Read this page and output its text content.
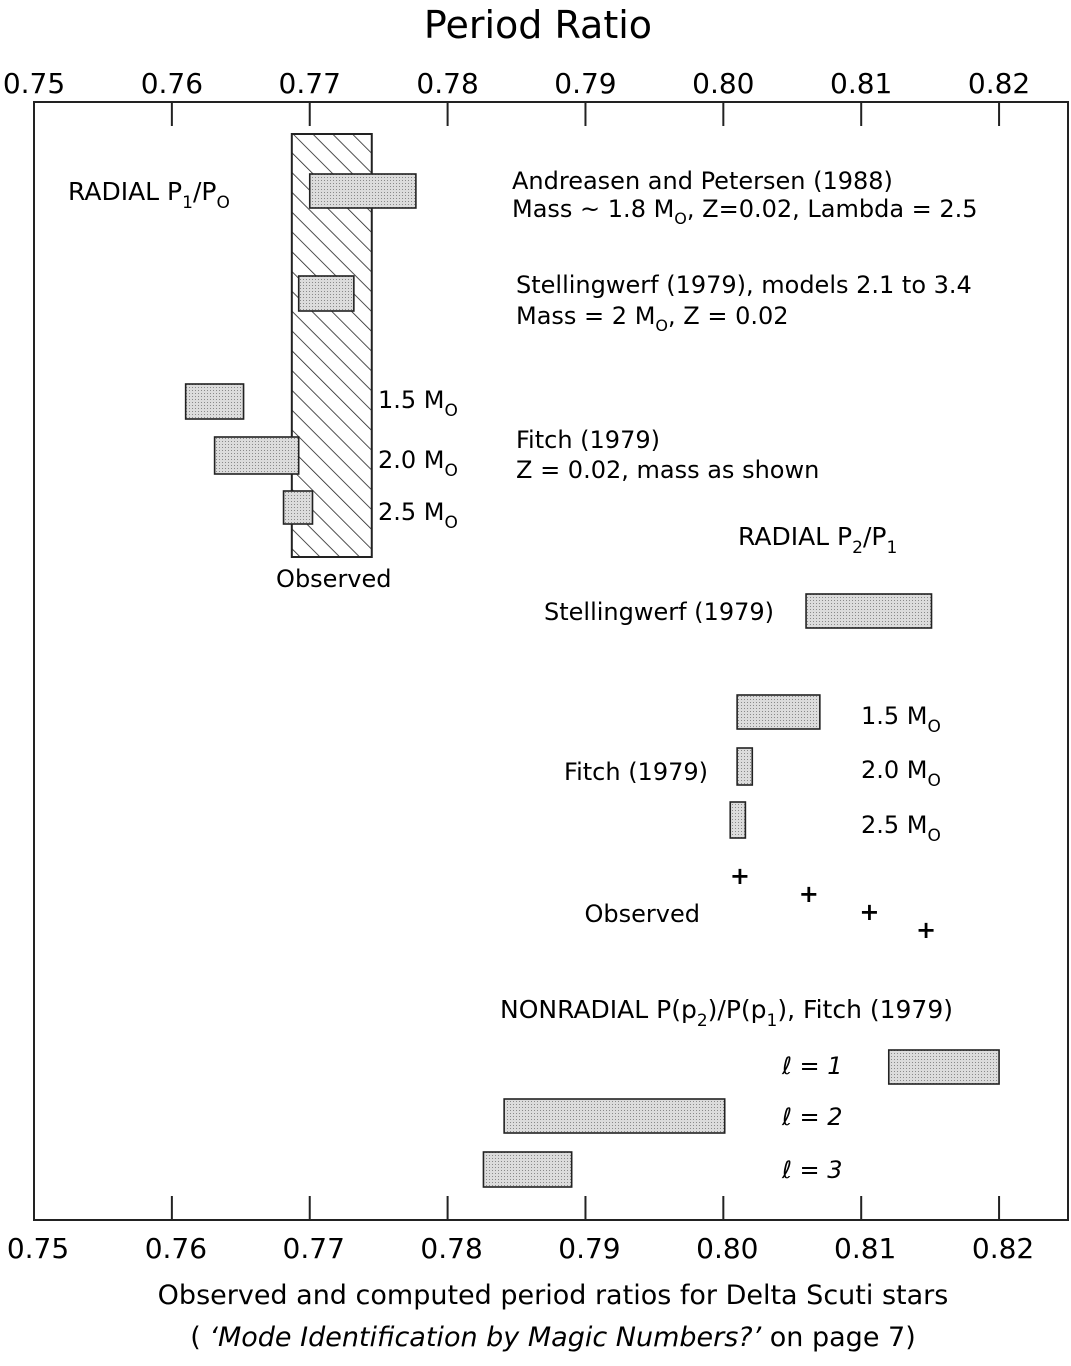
Period Ratio
0.75	0.76	0.77	0.78	0.79	0.80	0.81	0.82
0.75	0.76	0.77	0.78	0.79	0.80	0.81	0.82
Observed
RADIAL $P_1/P_O$
Andreasen and Petersen (1988)
Mass ~ 1.8 $M_O$, Z=0.02, Lambda = 2.5
Stellingwerf (1979), models 2.1 to 3.4
Mass = 2 $M_O$, Z = 0.02
1.5 $M_O$
2.0 $M_O$
2.5 $M_O$
Fitch (1979)
Z = 0.02, mass as shown
RADIAL $P_2/P_1$
Stellingwerf (1979)
Fitch (1979)
1.5 $M_O$
2.0 $M_O$
2.5 $M_O$
+
+
+
+
Observed
NONRADIAL $P(p_2)/P(p_1)$, Fitch (1979)
ℓ = 1
ℓ = 2
ℓ = 3
Observed and computed period ratios for Delta Scuti stars
( ‘Mode Identification by Magic Numbers?’ on page 7)
